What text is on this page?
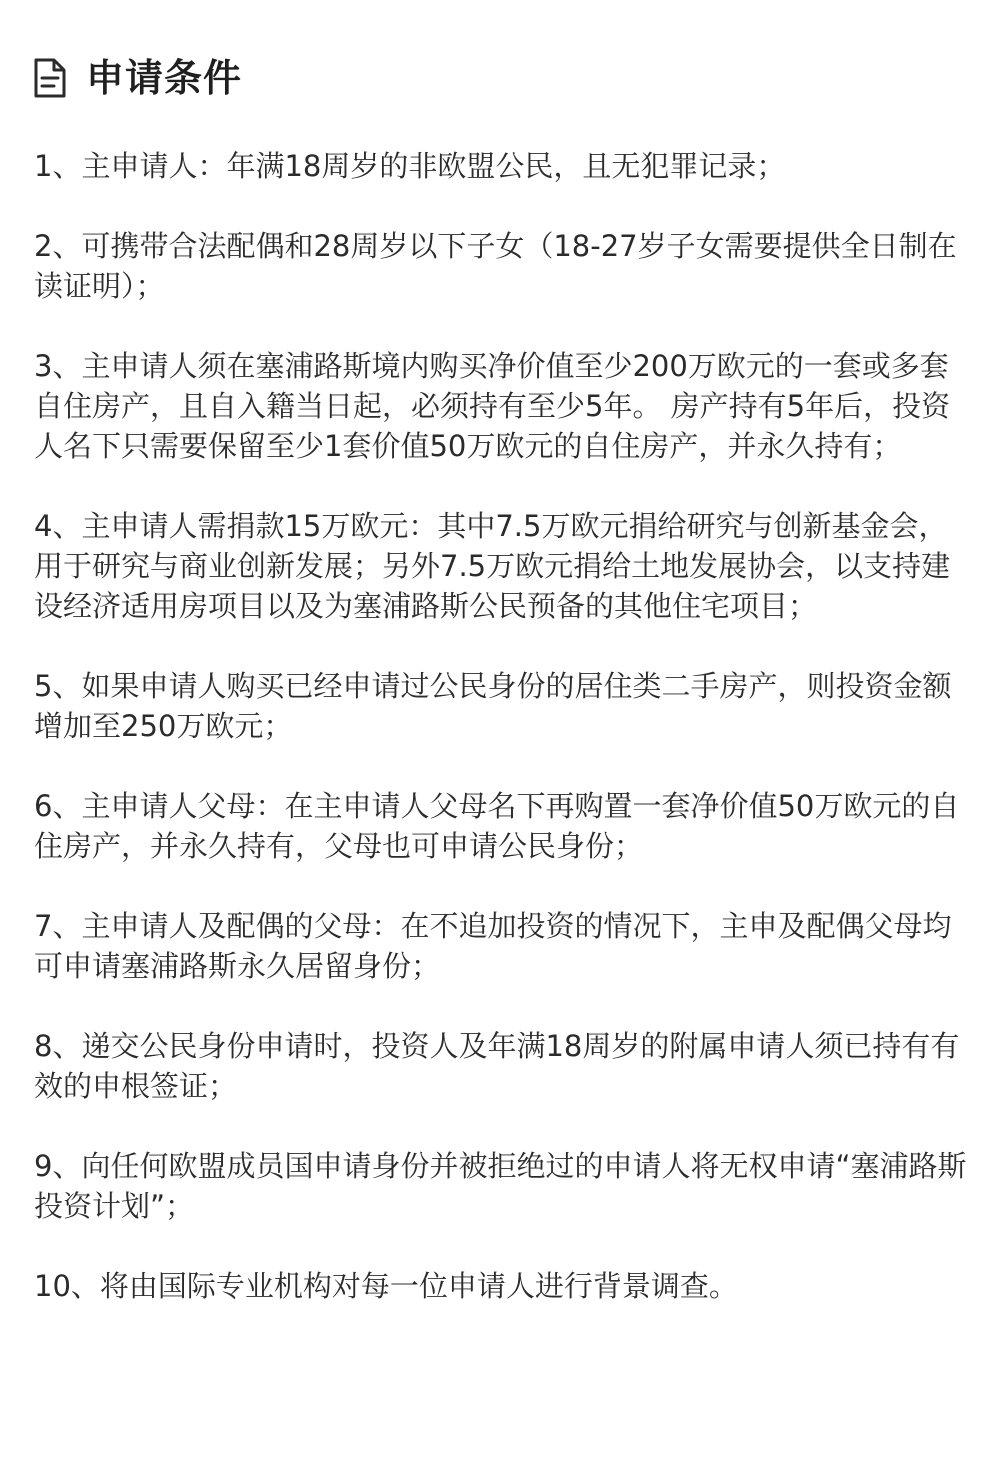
申请条件
1、主申请人：年满18周岁的非欧盟公民，且无犯罪记录；
2、可携带合法配偶和28周岁以下子女（18-27岁子女需要提供全日制在读证明）；
3、主申请人须在塞浦路斯境内购买净价值至少200万欧元的一套或多套自住房产，且自入籍当日起，必须持有至少5年。 房产持有5年后，投资人名下只需要保留至少1套价值50万欧元的自住房产，并永久持有；
4、主申请人需捐款15万欧元：其中7.5万欧元捐给研究与创新基金会，用于研究与商业创新发展；另外7.5万欧元捐给土地发展协会，以支持建设经济适用房项目以及为塞浦路斯公民预备的其他住宅项目；
5、如果申请人购买已经申请过公民身份的居住类二手房产，则投资金额增加至250万欧元；
6、主申请人父母：在主申请人父母名下再购置一套净价值50万欧元的自住房产，并永久持有，父母也可申请公民身份；
7、主申请人及配偶的父母：在不追加投资的情况下，主申及配偶父母均可申请塞浦路斯永久居留身份；
8、递交公民身份申请时，投资人及年满18周岁的附属申请人须已持有有效的申根签证；
9、向任何欧盟成员国申请身份并被拒绝过的申请人将无权申请“塞浦路斯投资计划”；
10、将由国际专业机构对每一位申请人进行背景调查。
